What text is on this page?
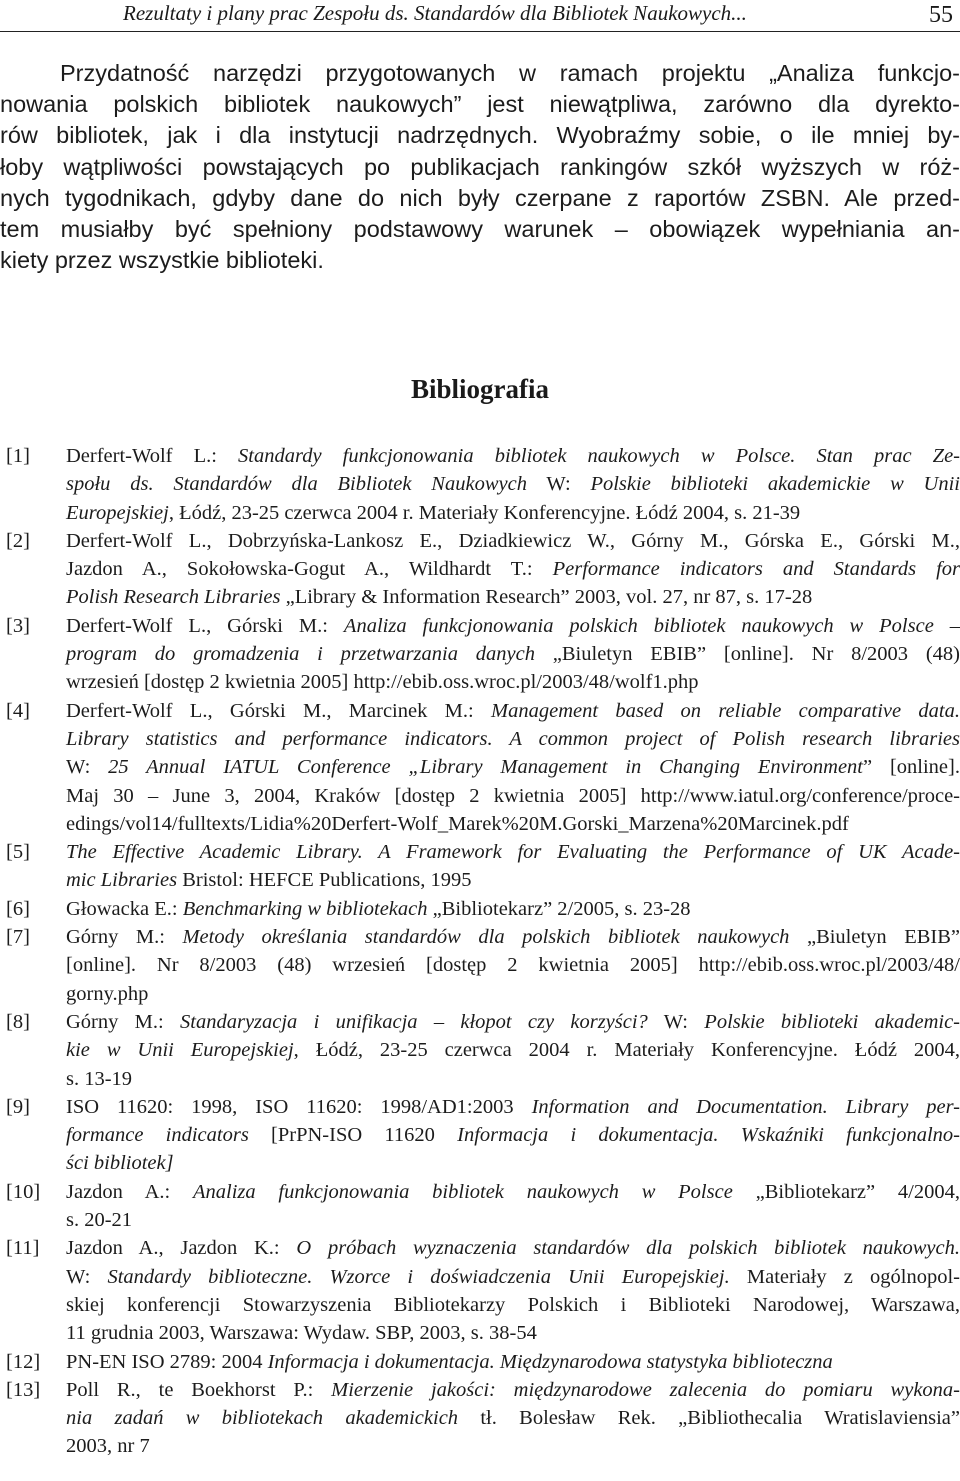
Rezultaty i plany prac Zespołu ds. Standardów dla Bibliotek Naukowych...	55
Przydatność narzędzi przygotowanych w ramach projektu „Analiza funkcjo-
nowania polskich bibliotek naukowych” jest niewątpliwa, zarówno dla dyrekto-
rów bibliotek, jak i dla instytucji nadrzędnych. Wyobraźmy sobie, o ile mniej by-
łoby wątpliwości powstających po publikacjach rankingów szkół wyższych w róż-
nych tygodnikach, gdyby dane do nich były czerpane z raportów ZSBN. Ale przed-
tem musiałby być spełniony podstawowy warunek – obowiązek wypełniania an-
kiety przez wszystkie biblioteki.
Bibliografia
[1] Derfert-Wolf L.: Standardy funkcjonowania bibliotek naukowych w Polsce. Stan prac Ze-
społu ds. Standardów dla Bibliotek Naukowych W: Polskie biblioteki akademickie w Unii
Europejskiej, Łódź, 23-25 czerwca 2004 r. Materiały Konferencyjne. Łódź 2004, s. 21-39
[2] Derfert-Wolf L., Dobrzyńska-Lankosz E., Dziadkiewicz W., Górny M., Górska E., Górski M.,
Jazdon A., Sokołowska-Gogut A., Wildhardt T.: Performance indicators and Standards for
Polish Research Libraries „Library & Information Research” 2003, vol. 27, nr 87, s. 17-28
[3] Derfert-Wolf L., Górski M.: Analiza funkcjonowania polskich bibliotek naukowych w Polsce –
program do gromadzenia i przetwarzania danych „Biuletyn EBIB” [online]. Nr 8/2003 (48)
wrzesień [dostęp 2 kwietnia 2005] http://ebib.oss.wroc.pl/2003/48/wolf1.php
[4] Derfert-Wolf L., Górski M., Marcinek M.: Management based on reliable comparative data.
Library statistics and performance indicators. A common project of Polish research libraries
W: 25 Annual IATUL Conference „Library Management in Changing Environment” [online].
Maj 30 – June 3, 2004, Kraków [dostęp 2 kwietnia 2005] http://www.iatul.org/conference/proce-
edings/vol14/fulltexts/Lidia%20Derfert-Wolf_Marek%20M.Gorski_Marzena%20Marcinek.pdf
[5] The Effective Academic Library. A Framework for Evaluating the Performance of UK Acade-
mic Libraries Bristol: HEFCE Publications, 1995
[6] Głowacka E.: Benchmarking w bibliotekach „Bibliotekarz” 2/2005, s. 23-28
[7] Górny M.: Metody określania standardów dla polskich bibliotek naukowych „Biuletyn EBIB”
[online]. Nr 8/2003 (48) wrzesień [dostęp 2 kwietnia 2005] http://ebib.oss.wroc.pl/2003/48/
gorny.php
[8] Górny M.: Standaryzacja i unifikacja – kłopot czy korzyści? W: Polskie biblioteki akademic-
kie w Unii Europejskiej, Łódź, 23-25 czerwca 2004 r. Materiały Konferencyjne. Łódź 2004,
s. 13-19
[9] ISO 11620: 1998, ISO 11620: 1998/AD1:2003 Information and Documentation. Library per-
formance indicators [PrPN-ISO 11620 Informacja i dokumentacja. Wskaźniki funkcjonalno-
ści bibliotek]
[10] Jazdon A.: Analiza funkcjonowania bibliotek naukowych w Polsce „Bibliotekarz” 4/2004,
s. 20-21
[11] Jazdon A., Jazdon K.: O próbach wyznaczenia standardów dla polskich bibliotek naukowych.
W: Standardy biblioteczne. Wzorce i doświadczenia Unii Europejskiej. Materiały z ogólnopol-
skiej konferencji Stowarzyszenia Bibliotekarzy Polskich i Biblioteki Narodowej, Warszawa,
11 grudnia 2003, Warszawa: Wydaw. SBP, 2003, s. 38-54
[12] PN-EN ISO 2789: 2004 Informacja i dokumentacja. Międzynarodowa statystyka biblioteczna
[13] Poll R., te Boekhorst P.: Mierzenie jakości: międzynarodowe zalecenia do pomiaru wykona-
nia zadań w bibliotekach akademickich tł. Bolesław Rek. „Bibliothecalia Wratislaviensia”
2003, nr 7
